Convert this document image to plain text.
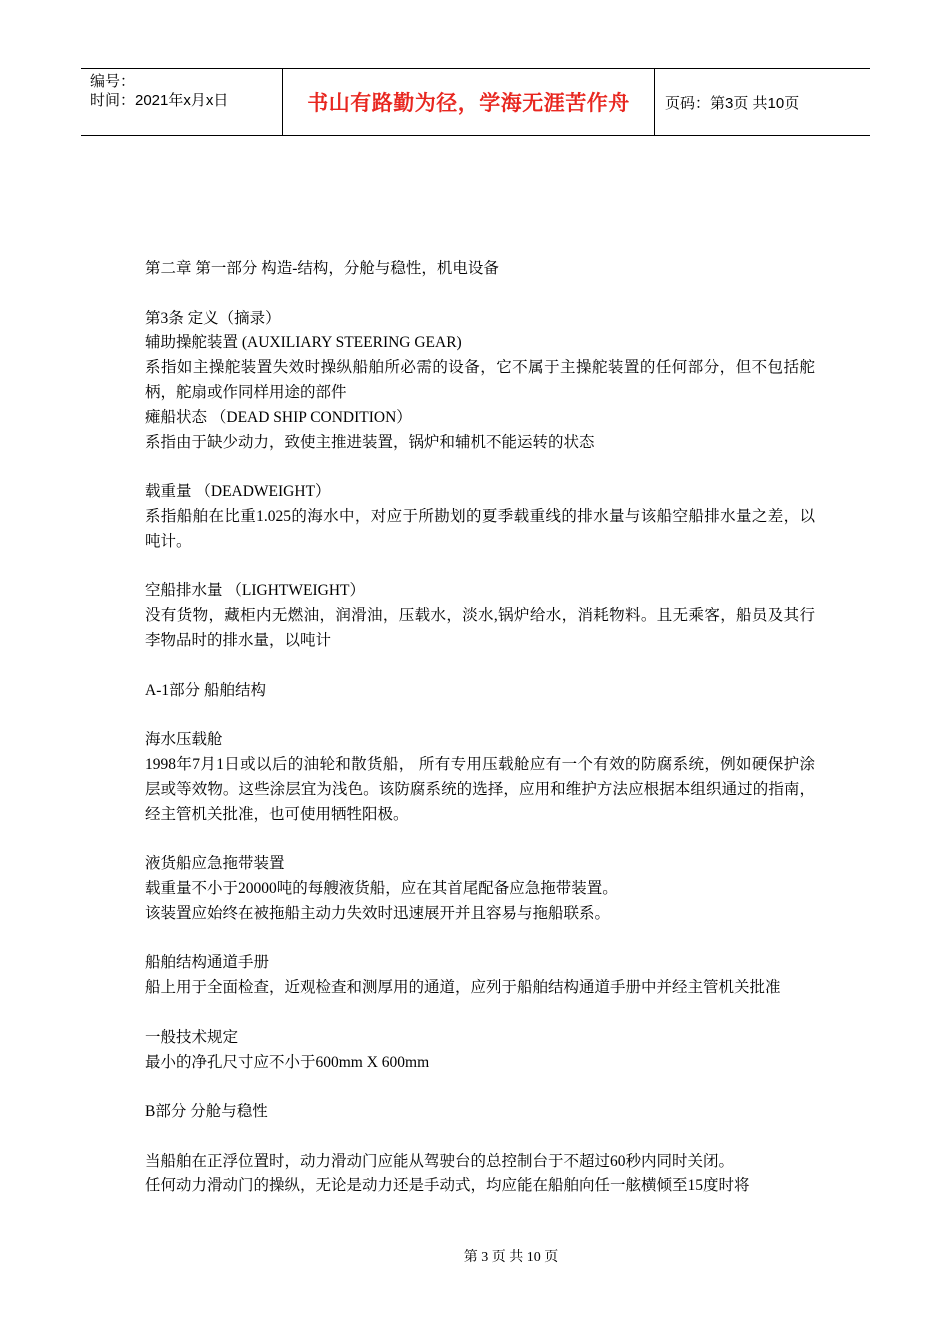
编号：
时间：2021年x月x日	书山有路勤为径，学海无涯苦作舟 页码：第3页 共10页

第二章 第一部分 构造-结构，分舱与稳性，机电设备

第3条 定义（摘录）

辅助操舵装置 (AUXILIARY STEERING GEAR)

系指如主操舵装置失效时操纵船舶所必需的设备，它不属于主操舵装置的任何部分，但不包括舵柄，舵扇或作同样用途的部件

瘫船状态 （DEAD SHIP CONDITION）

系指由于缺少动力，致使主推进装置，锅炉和辅机不能运转的状态

载重量 （DEADWEIGHT）

系指船舶在比重1.025的海水中，对应于所勘划的夏季载重线的排水量与该船空船排水量之差，以吨计。

空船排水量 （LIGHTWEIGHT）

没有货物，藏柜内无燃油，润滑油，压载水，淡水,锅炉给水，消耗物料。且无乘客，船员及其行李物品时的排水量，以吨计

A-1部分 船舶结构

海水压载舱

1998年7月1日或以后的油轮和散货船， 所有专用压载舱应有一个有效的防腐系统，例如硬保护涂层或等效物。这些涂层宜为浅色。该防腐系统的选择，应用和维护方法应根据本组织通过的指南，经主管机关批准，也可使用牺牲阳极。

液货船应急拖带装置

载重量不小于20000吨的每艘液货船，应在其首尾配备应急拖带装置。

该装置应始终在被拖船主动力失效时迅速展开并且容易与拖船联系。

船舶结构通道手册

船上用于全面检查，近观检查和测厚用的通道，应列于船舶结构通道手册中并经主管机关批准

一般技术规定

最小的净孔尺寸应不小于600mm X 600mm

B部分 分舱与稳性

当船舶在正浮位置时，动力滑动门应能从驾驶台的总控制台于不超过60秒内同时关闭。

任何动力滑动门的操纵，无论是动力还是手动式，均应能在船舶向任一舷横倾至15度时将

第 3 页 共 10 页
